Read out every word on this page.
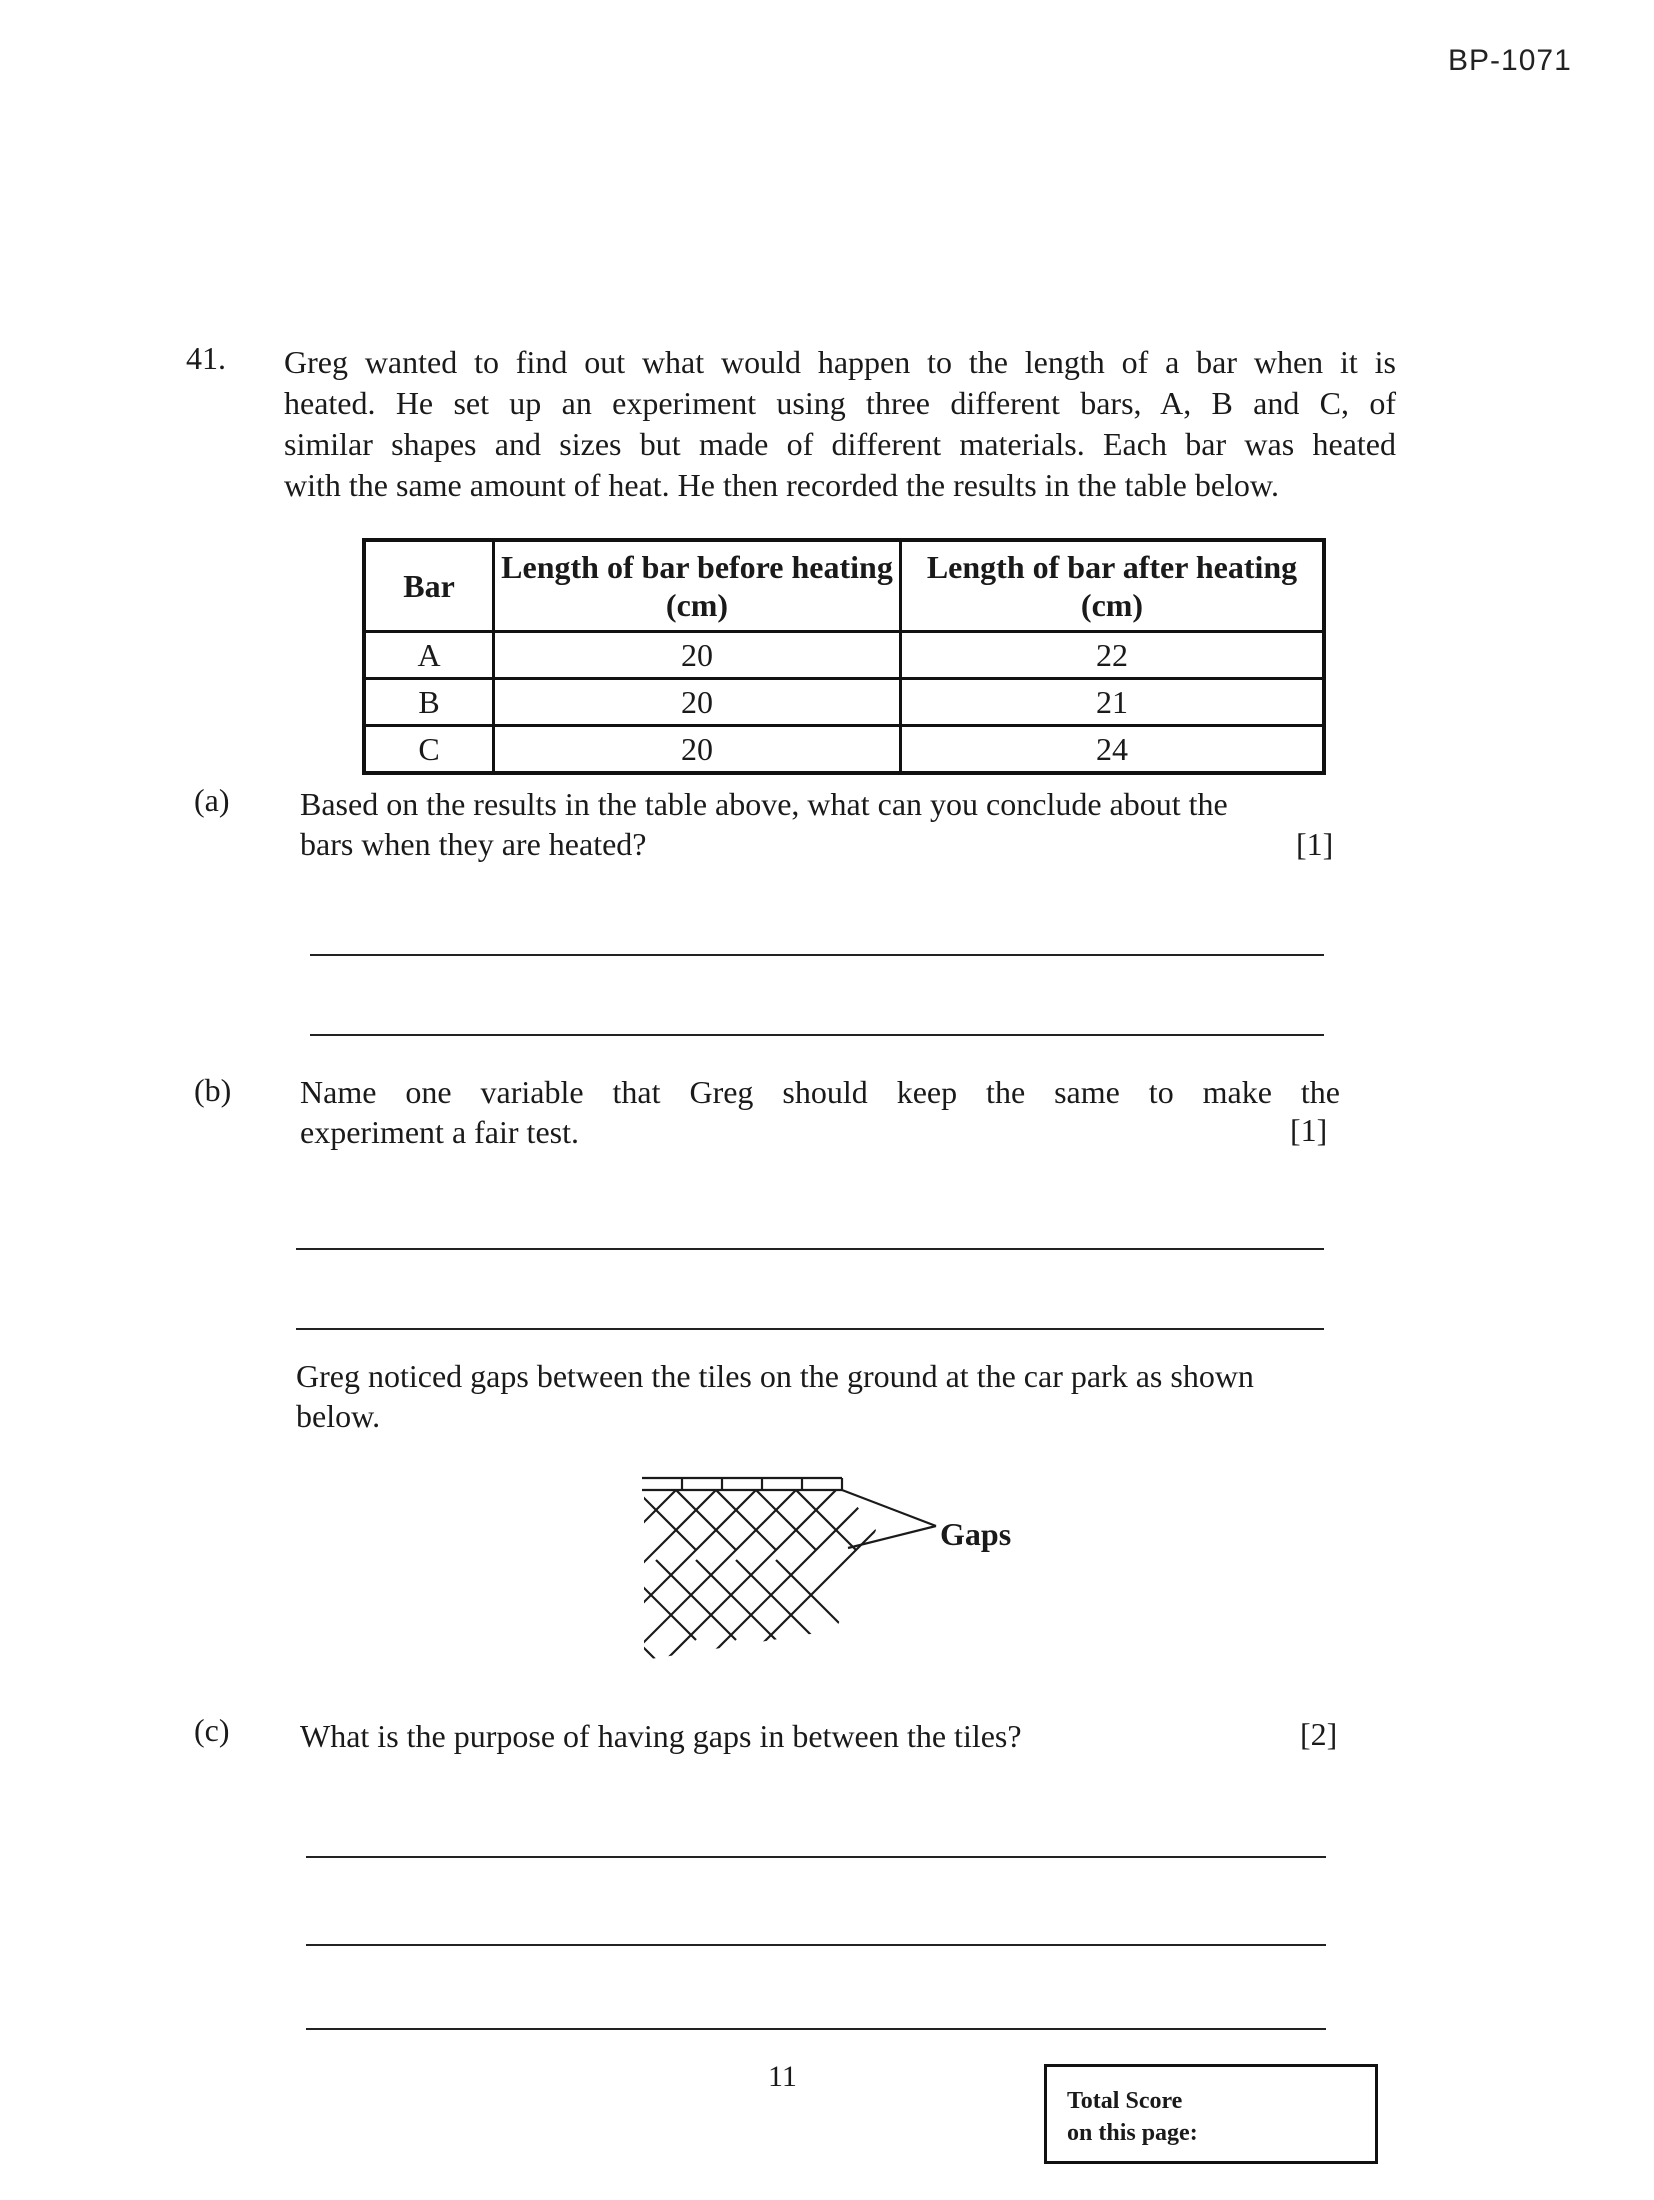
BP-1071
41. Greg wanted to find out what would happen to the length of a bar when it is
heated. He set up an experiment using three different bars, A, B and C, of
similar shapes and sizes but made of different materials. Each bar was heated
with the same amount of heat. He then recorded the results in the table below.
Bar	Length of bar before heating (cm)	Length of bar after heating (cm)
A	20	22
B	20	21
C	20	24
(a) Based on the results in the table above, what can you conclude about the
bars when they are heated?	[1]
(b) Name one variable that Greg should keep the same to make the
experiment a fair test.	[1]
Greg noticed gaps between the tiles on the ground at the car park as shown
below.
Gaps
(c) What is the purpose of having gaps in between the tiles?	[2]
11
Total Score
on this page:
